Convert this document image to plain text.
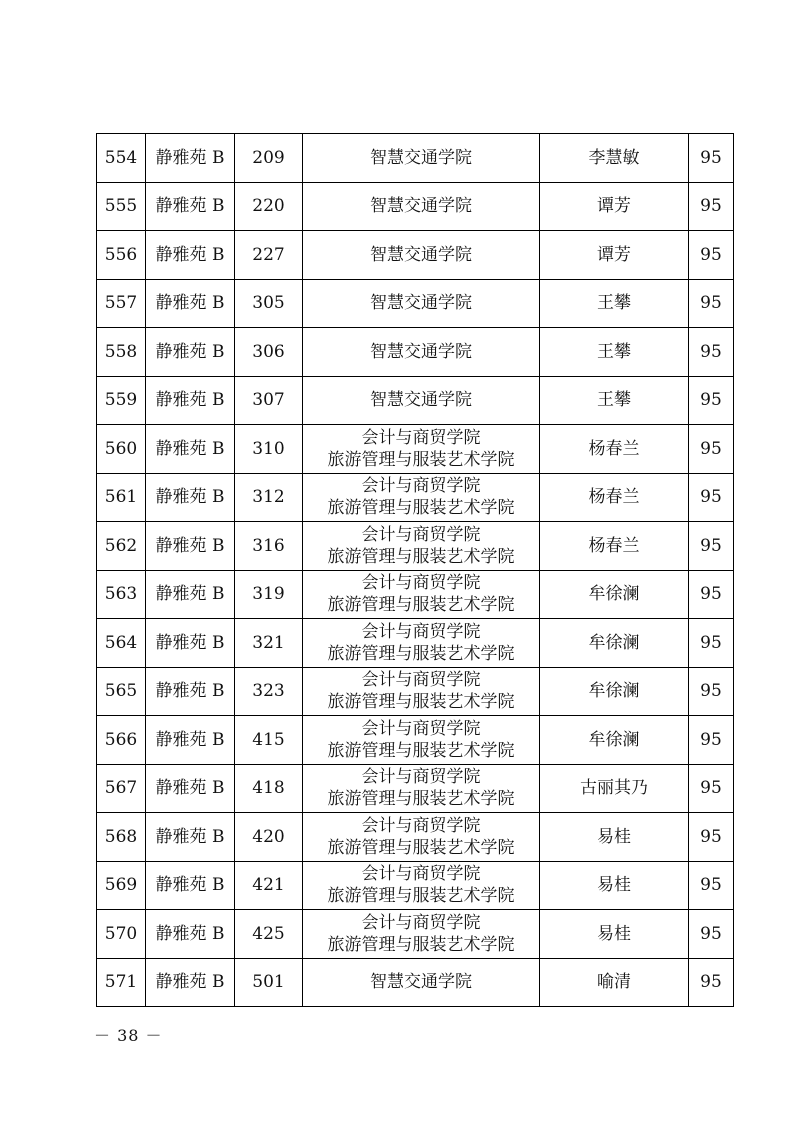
554	静雅苑 B	209	智慧交通学院	李慧敏	95
555	静雅苑 B	220	智慧交通学院	谭芳	95
556	静雅苑 B	227	智慧交通学院	谭芳	95
557	静雅苑 B	305	智慧交通学院	王攀	95
558	静雅苑 B	306	智慧交通学院	王攀	95
559	静雅苑 B	307	智慧交通学院	王攀	95
560	静雅苑 B	310	会计与商贸学院
旅游管理与服装艺术学院	杨春兰	95
561	静雅苑 B	312	会计与商贸学院
旅游管理与服装艺术学院	杨春兰	95
562	静雅苑 B	316	会计与商贸学院
旅游管理与服装艺术学院	杨春兰	95
563	静雅苑 B	319	会计与商贸学院
旅游管理与服装艺术学院	牟徐澜	95
564	静雅苑 B	321	会计与商贸学院
旅游管理与服装艺术学院	牟徐澜	95
565	静雅苑 B	323	会计与商贸学院
旅游管理与服装艺术学院	牟徐澜	95
566	静雅苑 B	415	会计与商贸学院
旅游管理与服装艺术学院	牟徐澜	95
567	静雅苑 B	418	会计与商贸学院
旅游管理与服装艺术学院	古丽其乃	95
568	静雅苑 B	420	会计与商贸学院
旅游管理与服装艺术学院	易桂	95
569	静雅苑 B	421	会计与商贸学院
旅游管理与服装艺术学院	易桂	95
570	静雅苑 B	425	会计与商贸学院
旅游管理与服装艺术学院	易桂	95
571	静雅苑 B	501	智慧交通学院	喻清	95
－ 38 －
